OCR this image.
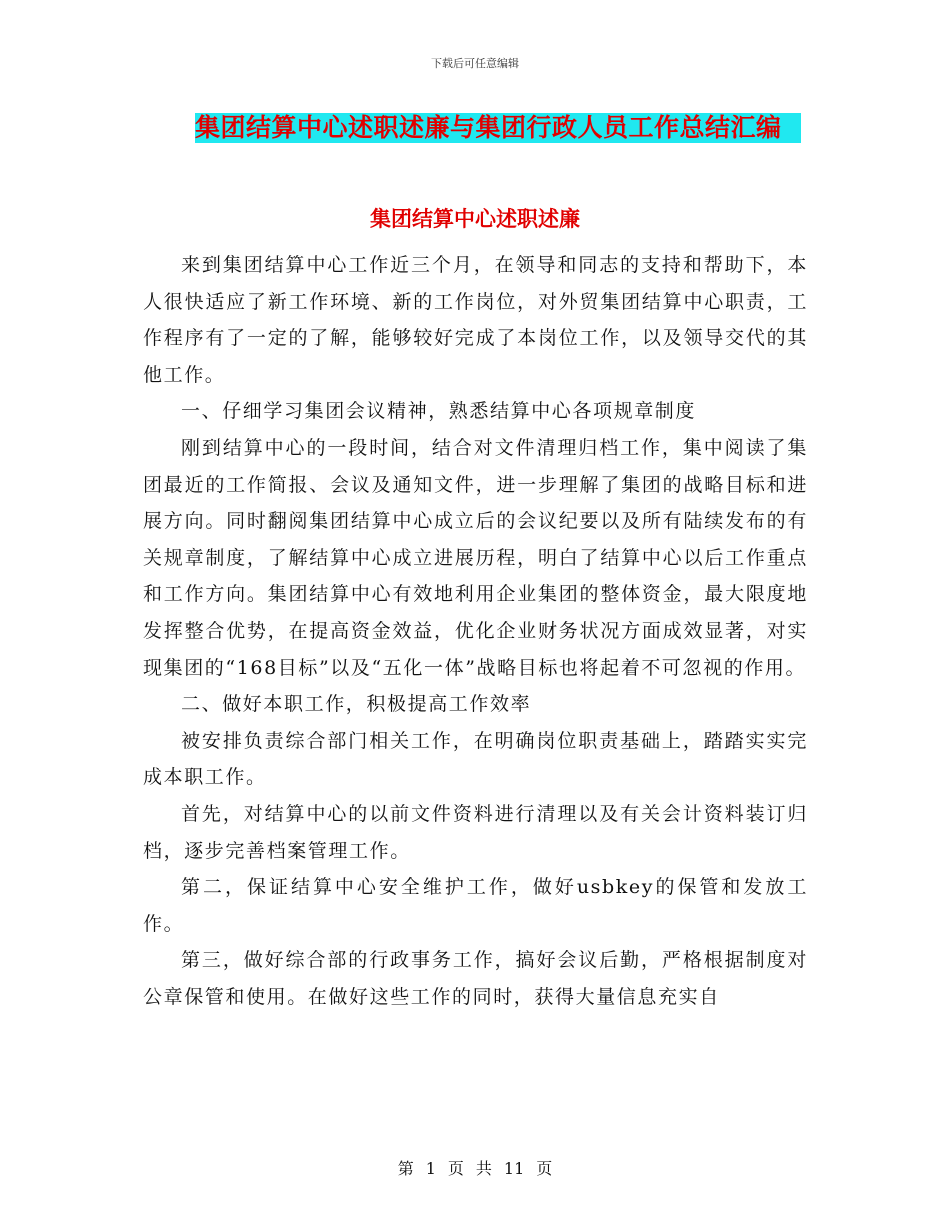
下载后可任意编辑
集团结算中心述职述廉与集团行政人员工作总结汇编
集团结算中心述职述廉

来到集团结算中心工作近三个月，在领导和同志的支持和帮助下，本人很快适应了新工作环境、新的工作岗位，对外贸集团结算中心职责，工作程序有了一定的了解，能够较好完成了本岗位工作，以及领导交代的其他工作。

一、仔细学习集团会议精神，熟悉结算中心各项规章制度

刚到结算中心的一段时间，结合对文件清理归档工作，集中阅读了集团最近的工作简报、会议及通知文件，进一步理解了集团的战略目标和进展方向。同时翻阅集团结算中心成立后的会议纪要以及所有陆续发布的有关规章制度，了解结算中心成立进展历程，明白了结算中心以后工作重点和工作方向。集团结算中心有效地利用企业集团的整体资金，最大限度地发挥整合优势，在提高资金效益，优化企业财务状况方面成效显著，对实现集团的“168目标”以及“五化一体”战略目标也将起着不可忽视的作用。

二、做好本职工作，积极提高工作效率

被安排负责综合部门相关工作，在明确岗位职责基础上，踏踏实实完成本职工作。

首先，对结算中心的以前文件资料进行清理以及有关会计资料装订归档，逐步完善档案管理工作。

第二，保证结算中心安全维护工作，做好usbkey的保管和发放工作。

第三，做好综合部的行政事务工作，搞好会议后勤，严格根据制度对公章保管和使用。在做好这些工作的同时，获得大量信息充实自

第 1 页 共 11 页
